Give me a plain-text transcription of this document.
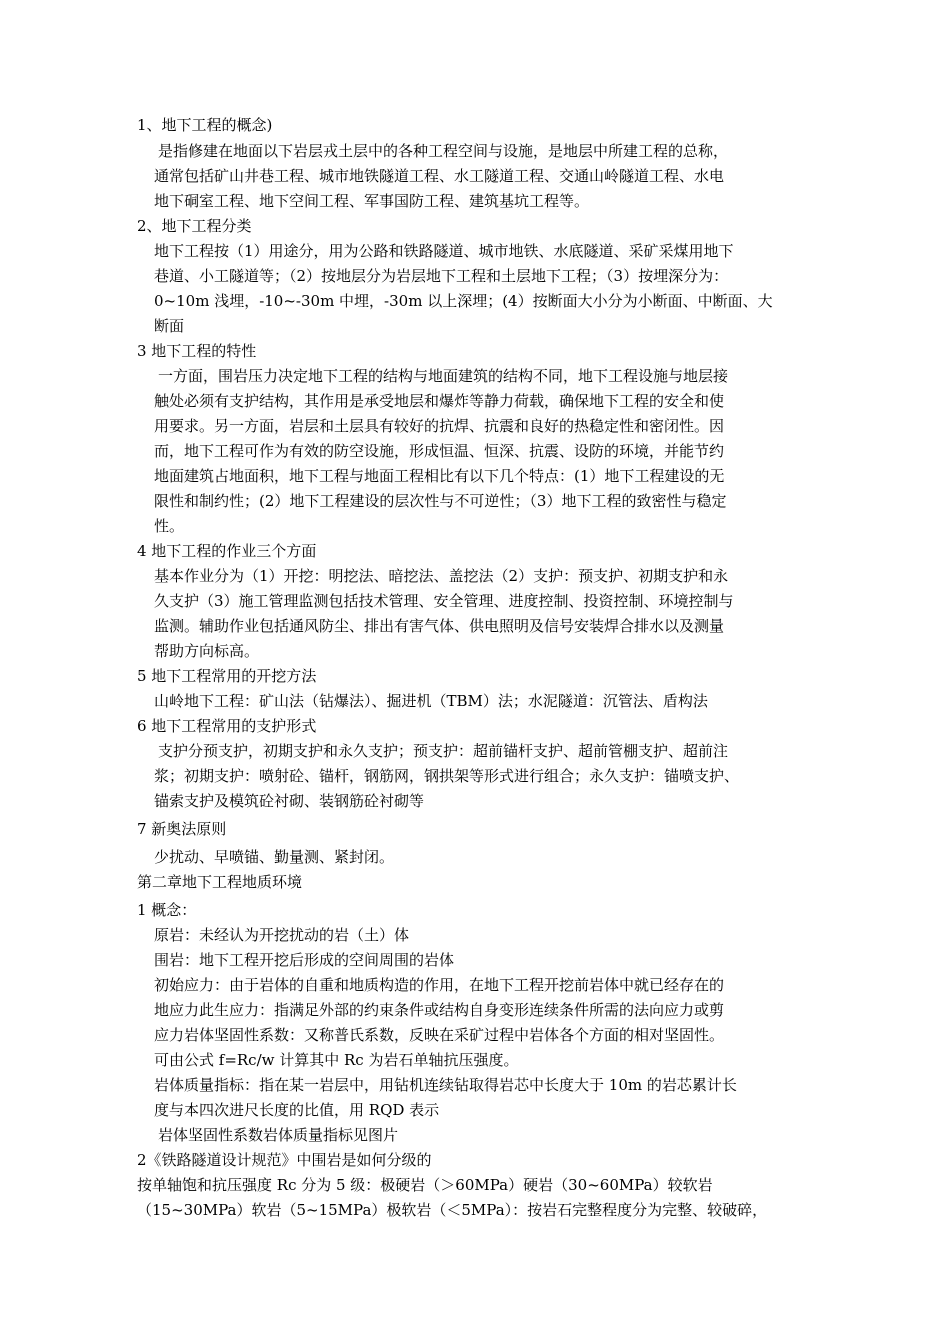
1、地下工程的概念)
是指修建在地面以下岩层戎土层中的各种工程空间与设施，是地层中所建工程的总称，
通常包括矿山井巷工程、城市地铁隧道工程、水工隧道工程、交通山岭隧道工程、水电
地下硐室工程、地下空间工程、军事国防工程、建筑基坑工程等。
2、地下工程分类
地下工程按（1）用途分，用为公路和铁路隧道、城市地铁、水底隧道、采矿采煤用地下
巷道、小工隧道等；（2）按地层分为岩层地下工程和土层地下工程；（3）按埋深分为：
0~10m 浅埋，-10~-30m 中埋，-30m 以上深埋；(4）按断面大小分为小断面、中断面、大
断面
3 地下工程的特性
一方面，围岩压力决定地下工程的结构与地面建筑的结构不同，地下工程设施与地层接
触处必须有支护结构，其作用是承受地层和爆炸等静力荷载，确保地下工程的安全和使
用要求。另一方面，岩层和土层具有较好的抗焊、抗震和良好的热稳定性和密闭性。因
而，地下工程可作为有效的防空设施，形成恒温、恒深、抗震、设防的环境，并能节约
地面建筑占地面积，地下工程与地面工程相比有以下几个特点：(1）地下工程建设的无
限性和制约性；(2）地下工程建设的层次性与不可逆性；（3）地下工程的致密性与稳定
性。
4 地下工程的作业三个方面
基本作业分为（1）开挖：明挖法、暗挖法、盖挖法（2）支护：预支护、初期支护和永
久支护（3）施工管理监测包括技术管理、安全管理、进度控制、投资控制、环境控制与
监测。辅助作业包括通风防尘、排出有害气体、供电照明及信号安装焊合排水以及测量
帮助方向标高。
5 地下工程常用的开挖方法
山岭地下工程：矿山法（钻爆法）、掘进机（TBM）法；水泥隧道：沉管法、盾构法
6 地下工程常用的支护形式
支护分预支护，初期支护和永久支护；预支护：超前锚杆支护、超前管棚支护、超前注
浆；初期支护：喷射砼、锚杆，钢筋网，钢拱架等形式进行组合；永久支护：锚喷支护、
锚索支护及模筑砼衬砌、装钢筋砼衬砌等
7 新奥法原则
少扰动、早喷锚、勤量测、紧封闭。
第二章地下工程地质环境
1 概念：
原岩：未经认为开挖扰动的岩（土）体
围岩：地下工程开挖后形成的空间周围的岩体
初始应力：由于岩体的自重和地质构造的作用，在地下工程开挖前岩体中就已经存在的
地应力此生应力：指满足外部的约束条件或结构自身变形连续条件所需的法向应力或剪
应力岩体坚固性系数：又称普氏系数，反映在采矿过程中岩体各个方面的相对坚固性。
可由公式 f=Rc/w 计算其中 Rc 为岩石单轴抗压强度。
岩体质量指标：指在某一岩层中，用钻机连续钻取得岩芯中长度大于 10m 的岩芯累计长
度与本四次进尺长度的比值，用 RQD 表示
岩体坚固性系数岩体质量指标见图片
2《铁路隧道设计规范》中围岩是如何分级的
按单轴饱和抗压强度 Rc 分为 5 级：极硬岩（＞60MPa）硬岩（30~60MPa）较软岩
（15~30MPa）软岩（5~15MPa）极软岩（＜5MPa）：按岩石完整程度分为完整、较破碎，
